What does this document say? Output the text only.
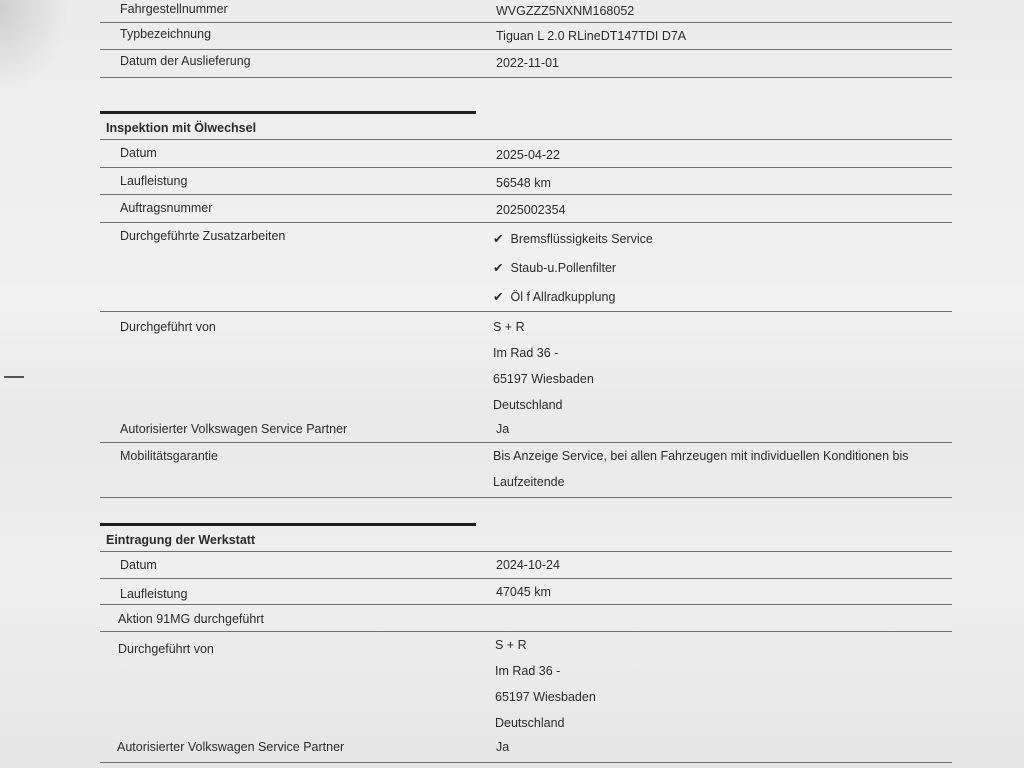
Fahrgestellnummer	WVGZZZ5NXNM168052
Typbezeichnung	Tiguan L 2.0 RLineDT147TDI D7A
Datum der Auslieferung	2022-11-01
Inspektion mit Ölwechsel
Datum	2025-04-22
Laufleistung	56548 km
Auftragsnummer	2025002354
Durchgeführte Zusatzarbeiten	✔ Bremsflüssigkeits Service
✔ Staub-u.Pollenfilter
✔ Öl f Allradkupplung
Durchgeführt von	S + R
Im Rad 36 -
65197 Wiesbaden
Deutschland
Autorisierter Volkswagen Service Partner	Ja
Mobilitätsgarantie	Bis Anzeige Service, bei allen Fahrzeugen mit individuellen Konditionen bis Laufzeitende
Eintragung der Werkstatt
Datum	2024-10-24
Laufleistung	47045 km
Aktion 91MG durchgeführt
Durchgeführt von	S + R
Im Rad 36 -
65197 Wiesbaden
Deutschland
Autorisierter Volkswagen Service Partner	Ja
